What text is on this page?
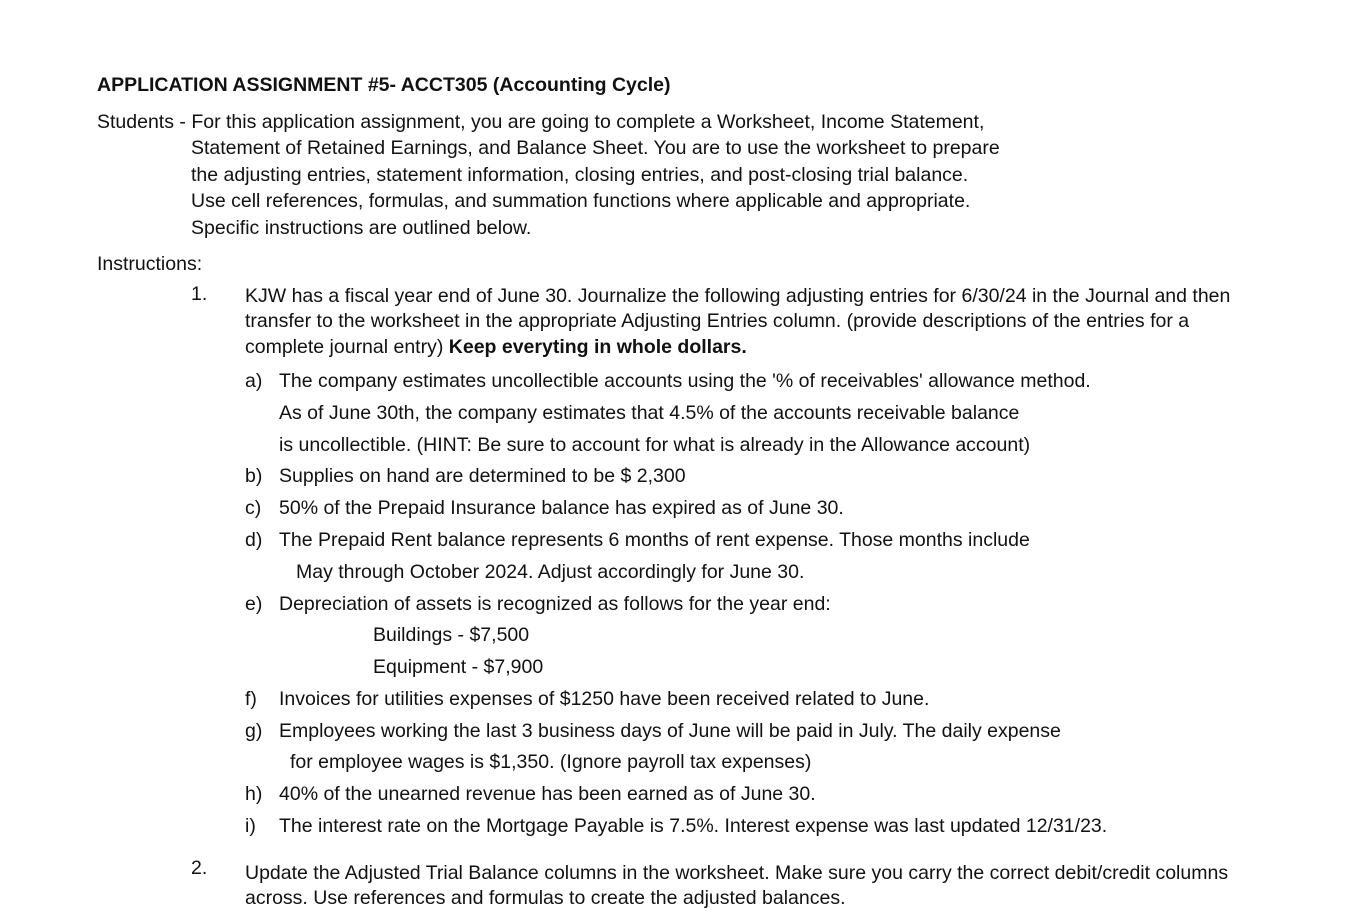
APPLICATION ASSIGNMENT #5- ACCT305 (Accounting Cycle)
Students - For this application assignment, you are going to complete a Worksheet, Income Statement,
Statement of Retained Earnings, and Balance Sheet. You are to use the worksheet to prepare
the adjusting entries, statement information, closing entries, and post-closing trial balance.
Use cell references, formulas, and summation functions where applicable and appropriate.
Specific instructions are outlined below.
Instructions:
1. KJW has a fiscal year end of June 30. Journalize the following adjusting entries for 6/30/24 in the Journal and then
transfer to the worksheet in the appropriate Adjusting Entries column. (provide descriptions of the entries for a
complete journal entry) Keep everyting in whole dollars.
a) The company estimates uncollectible accounts using the '% of receivables' allowance method.
As of June 30th, the company estimates that 4.5% of the accounts receivable balance
is uncollectible. (HINT: Be sure to account for what is already in the Allowance account)
b) Supplies on hand are determined to be $ 2,300
c) 50% of the Prepaid Insurance balance has expired as of June 30.
d) The Prepaid Rent balance represents 6 months of rent expense. Those months include
May through October 2024. Adjust accordingly for June 30.
e) Depreciation of assets is recognized as follows for the year end:
Buildings - $7,500
Equipment - $7,900
f) Invoices for utilities expenses of $1250 have been received related to June.
g) Employees working the last 3 business days of June will be paid in July. The daily expense
for employee wages is $1,350. (Ignore payroll tax expenses)
h) 40% of the unearned revenue has been earned as of June 30.
i) The interest rate on the Mortgage Payable is 7.5%. Interest expense was last updated 12/31/23.
2. Update the Adjusted Trial Balance columns in the worksheet. Make sure you carry the correct debit/credit columns
across. Use references and formulas to create the adjusted balances.
